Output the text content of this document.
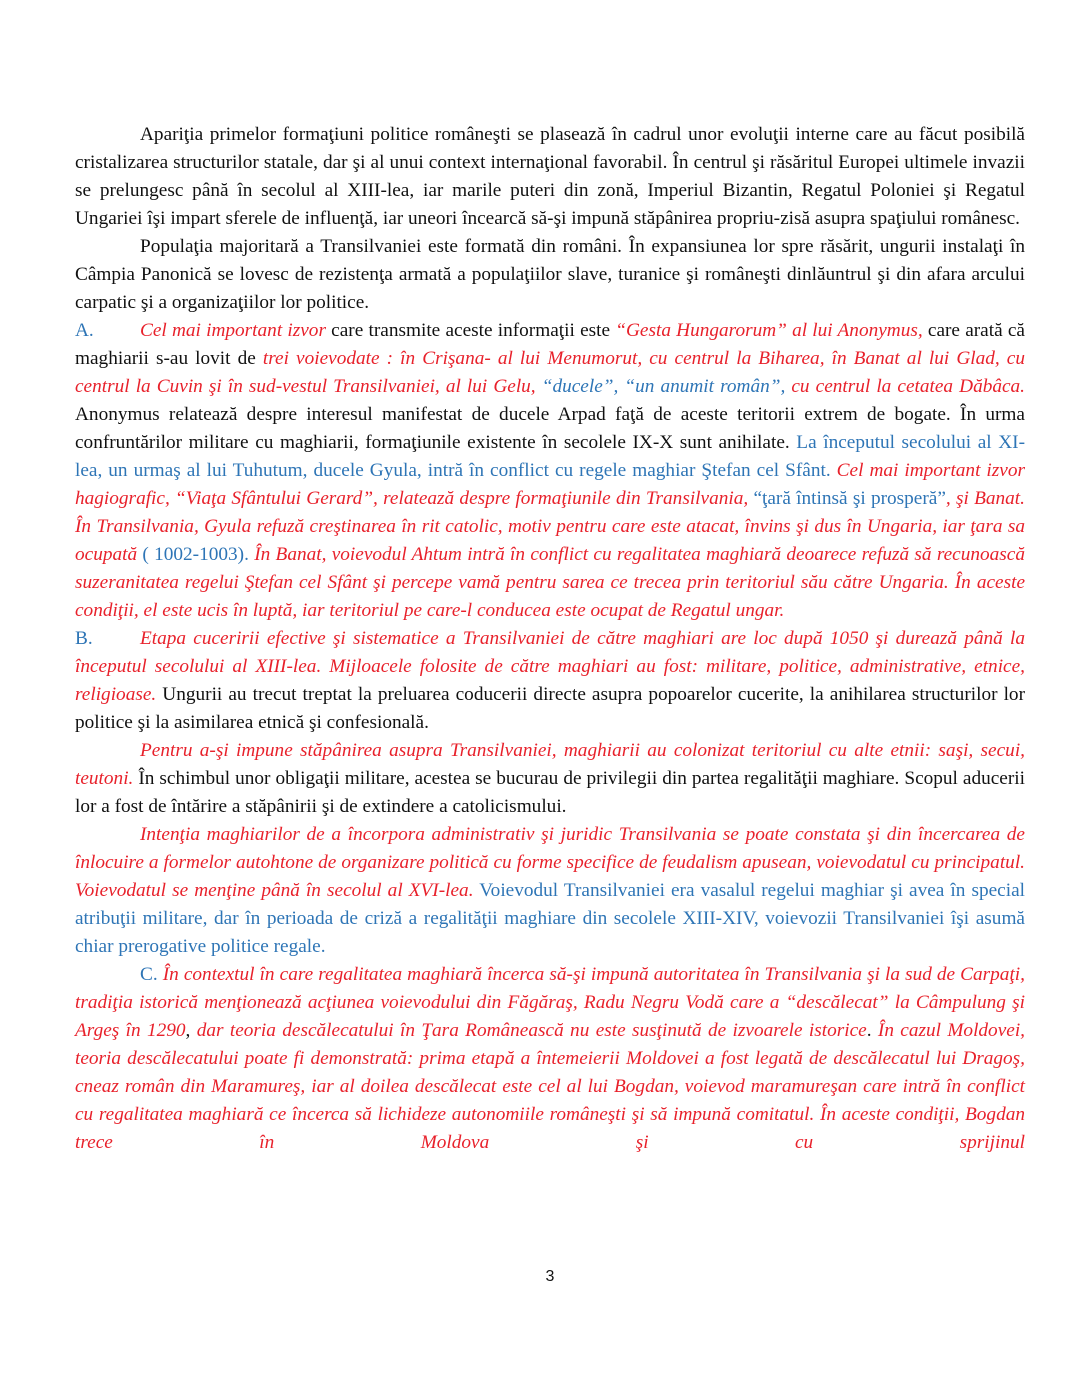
Apariţia primelor formaţiuni politice româneşti se plasează în cadrul unor evoluţii interne care au făcut posibilă cristalizarea structurilor statale, dar şi al unui context internaţional favorabil. În centrul şi răsăritul Europei ultimele invazii se prelungesc până în secolul al XIII-lea, iar marile puteri din zonă, Imperiul Bizantin, Regatul Poloniei şi Regatul Ungariei îşi impart sferele de influenţă, iar uneori încearcă să-şi impună stăpânirea propriu-zisă asupra spaţiului românesc.

Populaţia majoritară a Transilvaniei este formată din români. În expansiunea lor spre răsărit, ungurii instalaţi în Câmpia Panonică se lovesc de rezistenţa armată a populaţiilor slave, turanice şi româneşti dinlăuntrul şi din afara arcului carpatic şi a organizaţiilor lor politice.

A. Cel mai important izvor care transmite aceste informaţii este “Gesta Hungarorum” al lui Anonymus, care arată că maghiarii s-au lovit de trei voievodate : în Crişana- al lui Menumorut, cu centrul la Biharea, în Banat al lui Glad, cu centrul la Cuvin şi în sud-vestul Transilvaniei, al lui Gelu, “ducele”, “un anumit român”, cu centrul la cetatea Dăbâca. Anonymus relatează despre interesul manifestat de ducele Arpad faţă de aceste teritorii extrem de bogate. În urma confruntărilor militare cu maghiarii, formaţiunile existente în secolele IX-X sunt anihilate. La începutul secolului al XI-lea, un urmaş al lui Tuhutum, ducele Gyula, intră în conflict cu regele maghiar Ştefan cel Sfânt. Cel mai important izvor hagiografic, “Viaţa Sfântului Gerard”, relatează despre formaţiunile din Transilvania, “ţară întinsă şi prosperă”, şi Banat. În Transilvania, Gyula refuză creştinarea în rit catolic, motiv pentru care este atacat, învins şi dus în Ungaria, iar ţara sa ocupată ( 1002-1003). În Banat, voievodul Ahtum intră în conflict cu regalitatea maghiară deoarece refuză să recunoască suzeranitatea regelui Ştefan cel Sfânt şi percepe vamă pentru sarea ce trecea prin teritoriul său către Ungaria. În aceste condiţii, el este ucis în luptă, iar teritoriul pe care-l conducea este ocupat de Regatul ungar.

B. Etapa cuceririi efective şi sistematice a Transilvaniei de către maghiari are loc după 1050 şi durează până la începutul secolului al XIII-lea. Mijloacele folosite de către maghiari au fost: militare, politice, administrative, etnice, religioase. Ungurii au trecut treptat la preluarea coducerii directe asupra popoarelor cucerite, la anihilarea structurilor lor politice şi la asimilarea etnică şi confesională.

Pentru a-şi impune stăpânirea asupra Transilvaniei, maghiarii au colonizat teritoriul cu alte etnii: saşi, secui, teutoni. În schimbul unor obligaţii militare, acestea se bucurau de privilegii din partea regalităţii maghiare. Scopul aducerii lor a fost de întărire a stăpânirii şi de extindere a catolicismului.

Intenţia maghiarilor de a încorpora administrativ şi juridic Transilvania se poate constata şi din încercarea de înlocuire a formelor autohtone de organizare politică cu forme specifice de feudalism apusean, voievodatul cu principatul. Voievodatul se menţine până în secolul al XVI-lea. Voievodul Transilvaniei era vasalul regelui maghiar şi avea în special atribuţii militare, dar în perioada de criză a regalităţii maghiare din secolele XIII-XIV, voievozii Transilvaniei îşi asumă chiar prerogative politice regale.

C. În contextul în care regalitatea maghiară încerca să-şi impună autoritatea în Transilvania şi la sud de Carpaţi, tradiţia istorică menţionează acţiunea voievodului din Făgăraş, Radu Negru Vodă care a “descălecat” la Câmpulung şi Argeş în 1290, dar teoria descălecatului în Ţara Românească nu este susţinută de izvoarele istorice. În cazul Moldovei, teoria descălecatului poate fi demonstrată: prima etapă a întemeierii Moldovei a fost legată de descălecatul lui Dragoş, cneaz român din Maramureş, iar al doilea descălecat este cel al lui Bogdan, voievod maramureşan care intră în conflict cu regalitatea maghiară ce încerca să lichideze autonomiile româneşti şi să impună comitatul. În aceste condiţii, Bogdan trece în Moldova şi cu sprijinul

3
